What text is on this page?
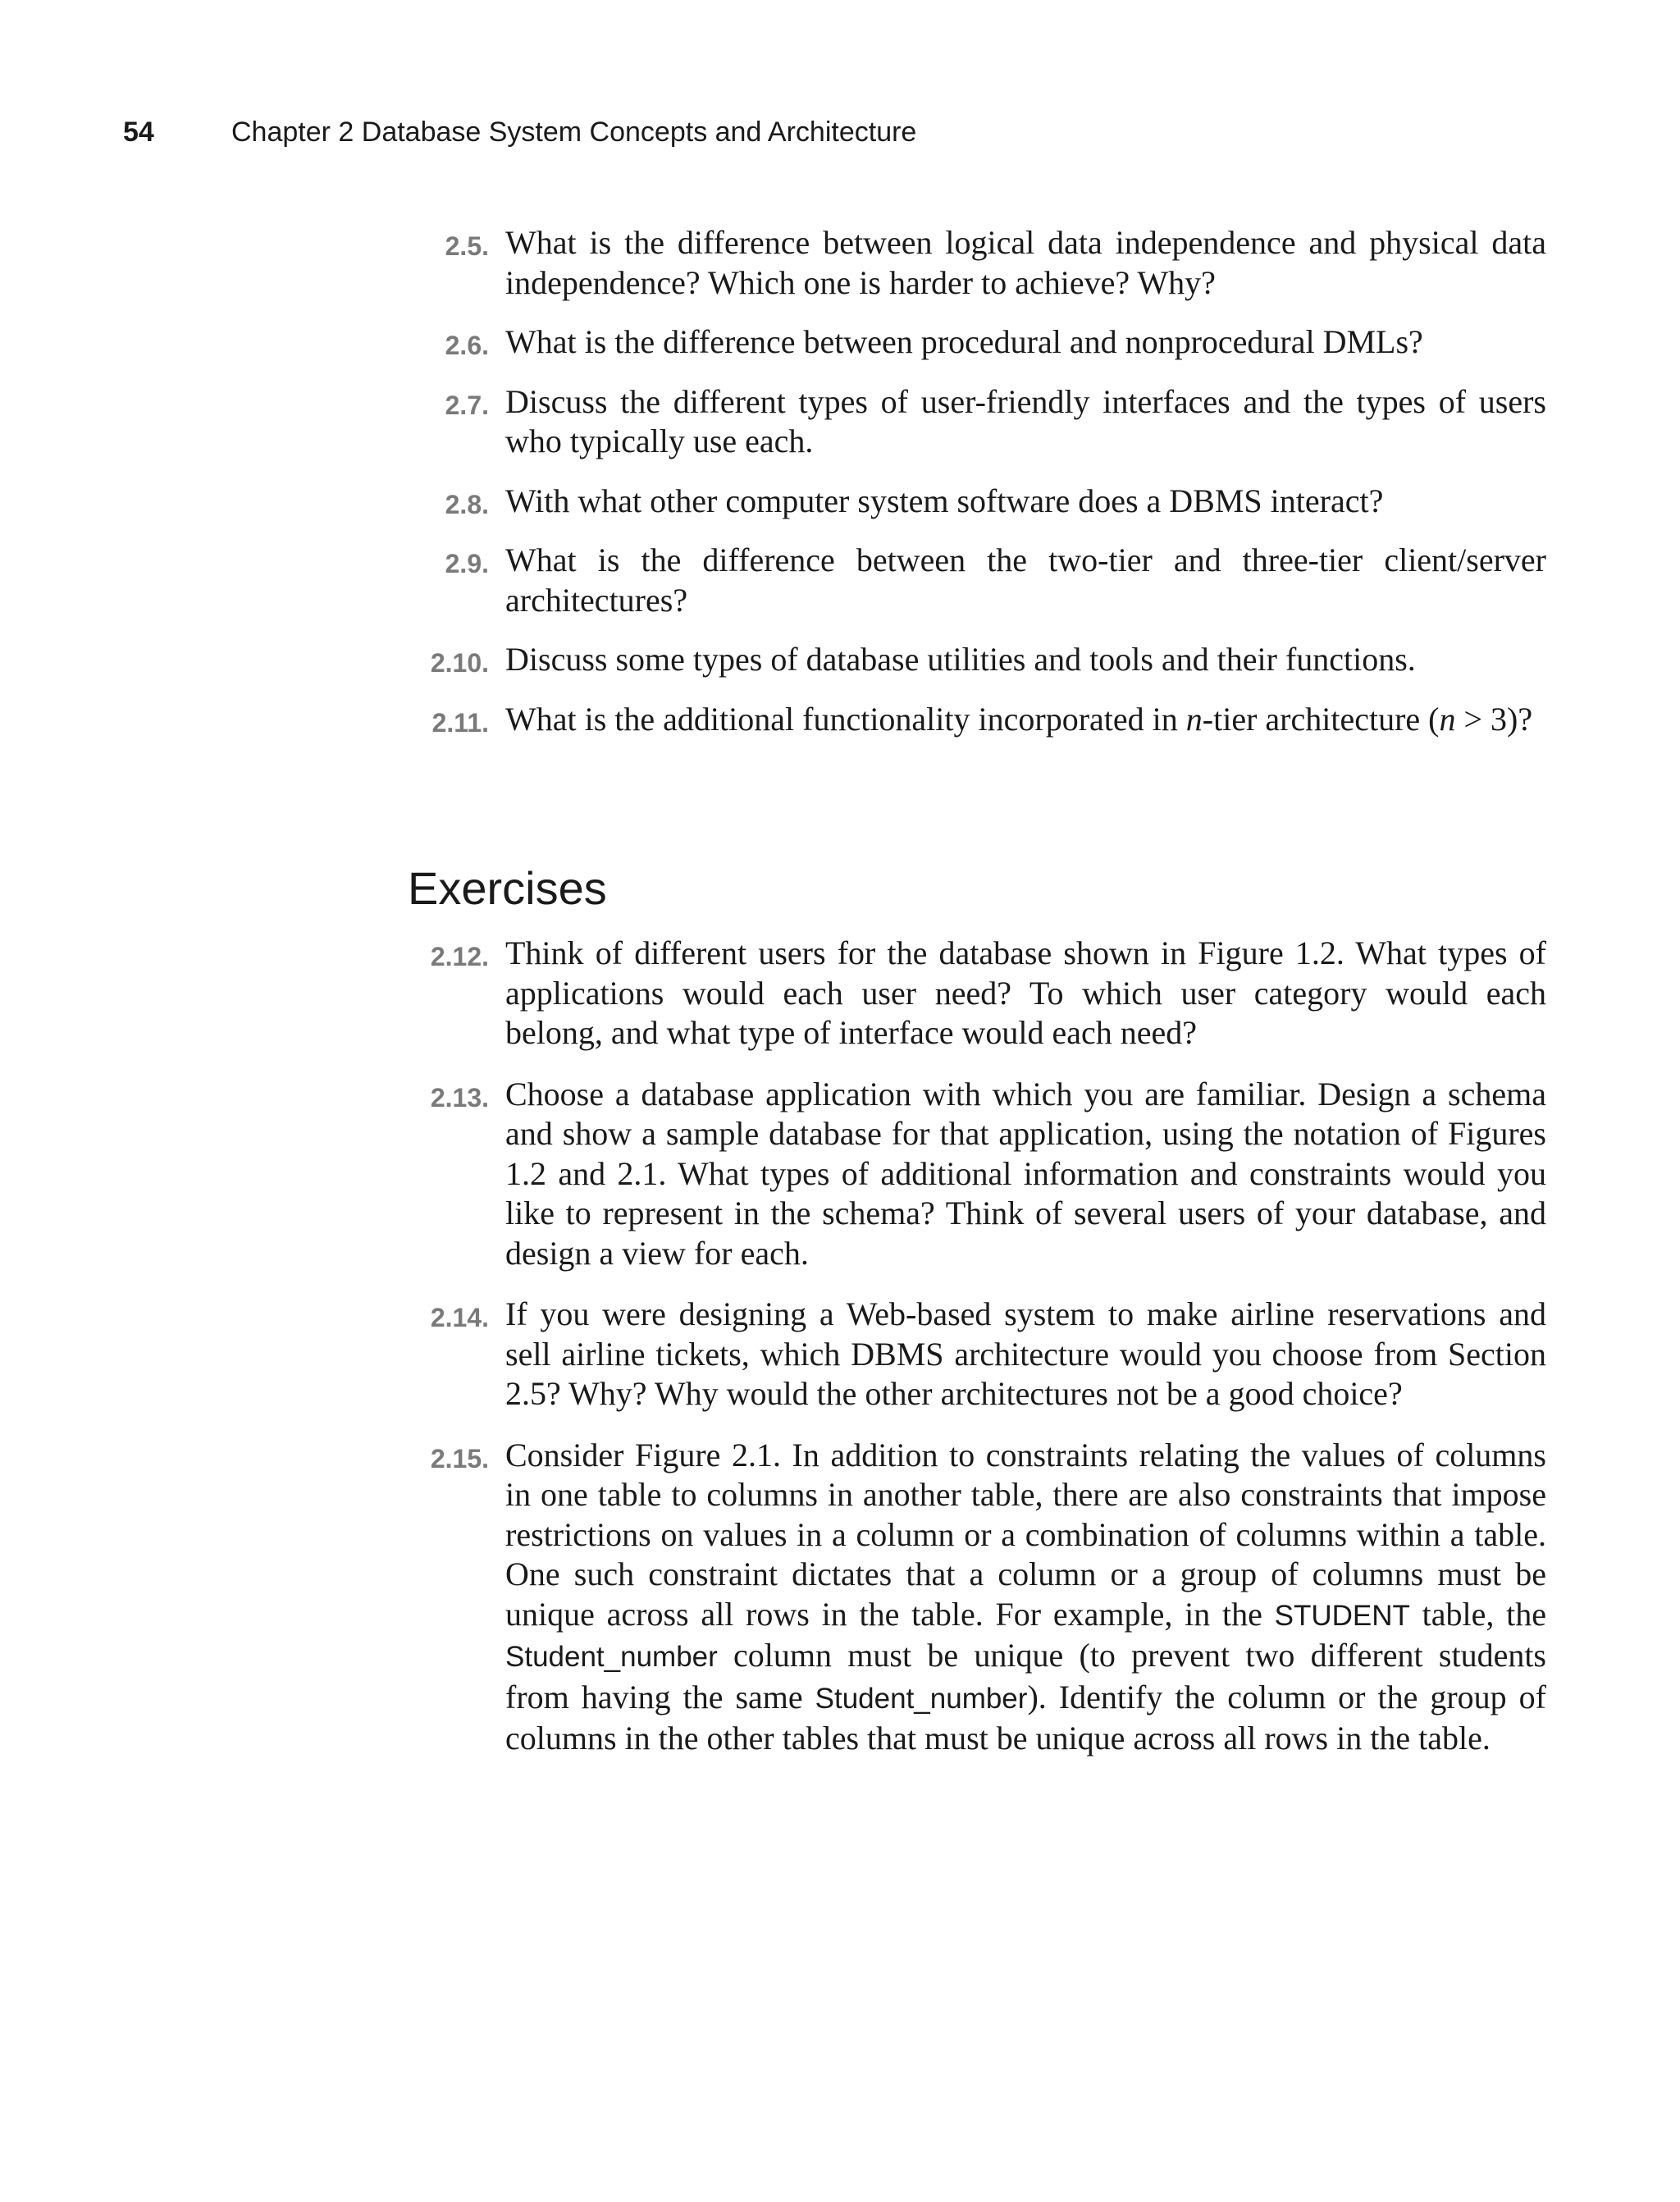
54	Chapter 2 Database System Concepts and Architecture
2.5. What is the difference between logical data independence and physical data independence? Which one is harder to achieve? Why?
2.6. What is the difference between procedural and nonprocedural DMLs?
2.7. Discuss the different types of user-friendly interfaces and the types of users who typically use each.
2.8. With what other computer system software does a DBMS interact?
2.9. What is the difference between the two-tier and three-tier client/server architectures?
2.10. Discuss some types of database utilities and tools and their functions.
2.11. What is the additional functionality incorporated in n-tier architecture (n > 3)?
Exercises
2.12. Think of different users for the database shown in Figure 1.2. What types of applications would each user need? To which user category would each belong, and what type of interface would each need?
2.13. Choose a database application with which you are familiar. Design a schema and show a sample database for that application, using the notation of Figures 1.2 and 2.1. What types of additional information and constraints would you like to represent in the schema? Think of several users of your database, and design a view for each.
2.14. If you were designing a Web-based system to make airline reservations and sell airline tickets, which DBMS architecture would you choose from Section 2.5? Why? Why would the other architectures not be a good choice?
2.15. Consider Figure 2.1. In addition to constraints relating the values of columns in one table to columns in another table, there are also constraints that impose restrictions on values in a column or a combination of columns within a table. One such constraint dictates that a column or a group of columns must be unique across all rows in the table. For example, in the STUDENT table, the Student_number column must be unique (to prevent two different students from having the same Student_number). Identify the column or the group of columns in the other tables that must be unique across all rows in the table.
